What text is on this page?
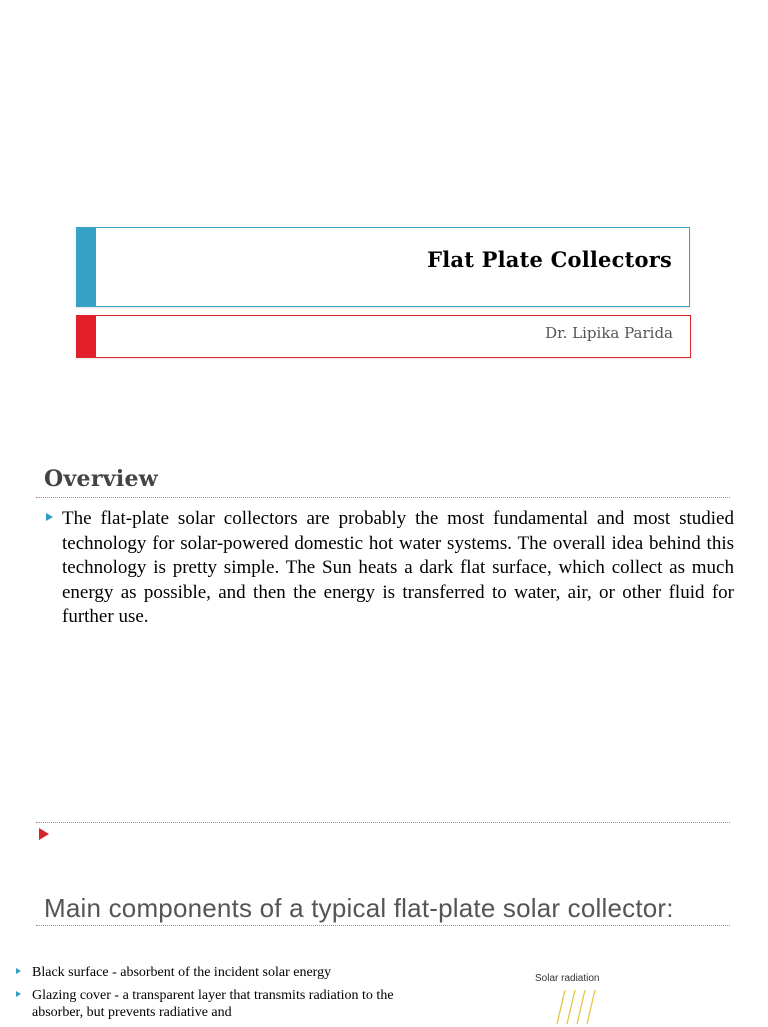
Flat Plate Collectors
Dr. Lipika Parida
Overview
The flat-plate solar collectors are probably the most fundamental and most studied technology for solar-powered domestic hot water systems. The overall idea behind this technology is pretty simple. The Sun heats a dark flat surface, which collect as much energy as possible, and then the energy is transferred to water, air, or other fluid for further use.
Main components of a typical flat-plate solar collector:
Black surface - absorbent of the incident solar energy
Glazing cover - a transparent layer that transmits radiation to the absorber, but prevents radiative and
Solar radiation
